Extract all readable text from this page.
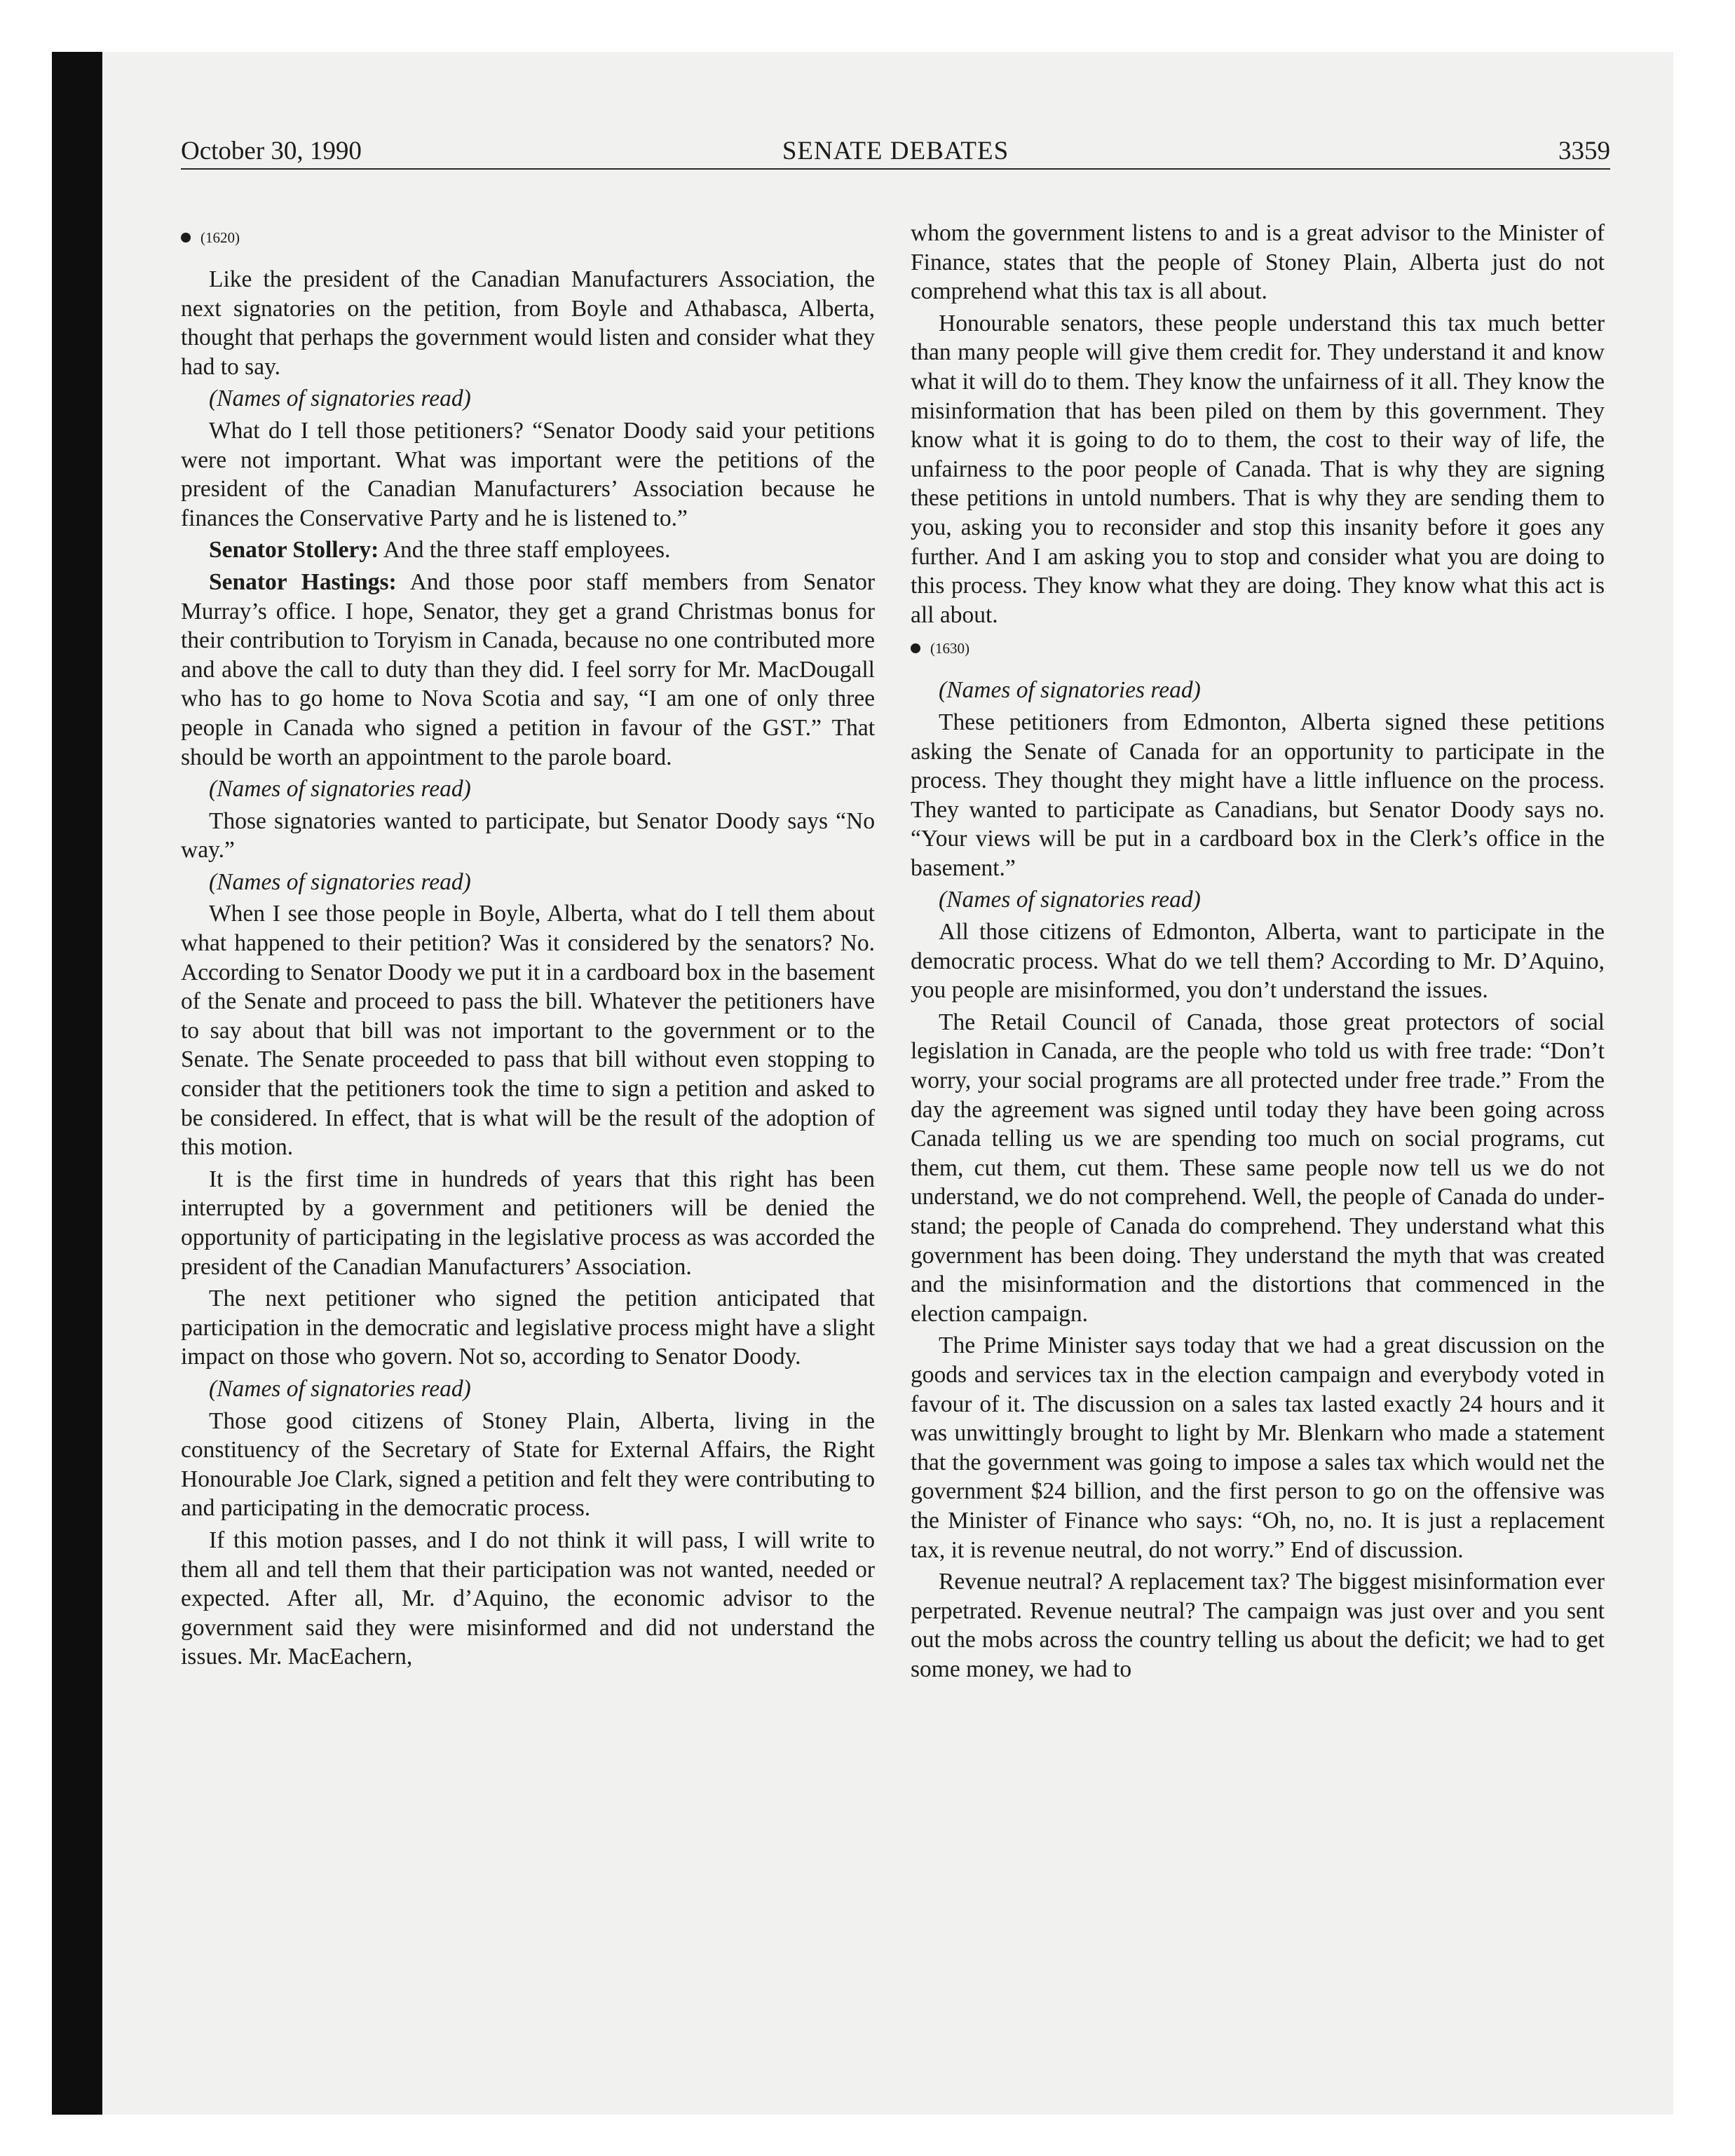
October 30, 1990	SENATE DEBATES	3359
(1620)

Like the president of the Canadian Manufacturers Association, the next signatories on the petition, from Boyle and Athabasca, Alberta, thought that perhaps the government would listen and consider what they had to say.

(Names of signatories read)

What do I tell those petitioners? “Senator Doody said your petitions were not important. What was important were the petitions of the president of the Canadian Manufacturers’ Association because he finances the Conservative Party and he is listened to.”

Senator Stollery: And the three staff employees.

Senator Hastings: And those poor staff members from Senator Murray’s office. I hope, Senator, they get a grand Christmas bonus for their contribution to Toryism in Canada, because no one contributed more and above the call to duty than they did. I feel sorry for Mr. MacDougall who has to go home to Nova Scotia and say, “I am one of only three people in Canada who signed a petition in favour of the GST.” That should be worth an appointment to the parole board.

(Names of signatories read)

Those signatories wanted to participate, but Senator Doody says “No way.”

(Names of signatories read)

When I see those people in Boyle, Alberta, what do I tell them about what happened to their petition? Was it considered by the senators? No. According to Senator Doody we put it in a cardboard box in the basement of the Senate and proceed to pass the bill. Whatever the petitioners have to say about that bill was not important to the government or to the Senate. The Senate proceeded to pass that bill without even stopping to consider that the petitioners took the time to sign a petition and asked to be considered. In effect, that is what will be the result of the adoption of this motion.

It is the first time in hundreds of years that this right has been interrupted by a government and petitioners will be denied the opportunity of participating in the legislative process as was accorded the president of the Canadian Manufacturers’ Association.

The next petitioner who signed the petition anticipated that participation in the democratic and legislative process might have a slight impact on those who govern. Not so, according to Senator Doody.

(Names of signatories read)

Those good citizens of Stoney Plain, Alberta, living in the constituency of the Secretary of State for External Affairs, the Right Honourable Joe Clark, signed a petition and felt they were contributing to and participating in the democratic process.

If this motion passes, and I do not think it will pass, I will write to them all and tell them that their participation was not wanted, needed or expected. After all, Mr. d’Aquino, the economic advisor to the government said they were misinformed and did not understand the issues. Mr. MacEachern,

whom the government listens to and is a great advisor to the Minister of Finance, states that the people of Stoney Plain, Alberta just do not comprehend what this tax is all about.

Honourable senators, these people understand this tax much better than many people will give them credit for. They understand it and know what it will do to them. They know the unfairness of it all. They know the misinformation that has been piled on them by this government. They know what it is going to do to them, the cost to their way of life, the unfairness to the poor people of Canada. That is why they are signing these petitions in untold numbers. That is why they are sending them to you, asking you to reconsider and stop this insanity before it goes any further. And I am asking you to stop and consider what you are doing to this process. They know what they are doing. They know what this act is all about.

(1630)

(Names of signatories read)

These petitioners from Edmonton, Alberta signed these petitions asking the Senate of Canada for an opportunity to participate in the process. They thought they might have a little influence on the process. They wanted to participate as Canadians, but Senator Doody says no. “Your views will be put in a cardboard box in the Clerk’s office in the basement.”

(Names of signatories read)

All those citizens of Edmonton, Alberta, want to participate in the democratic process. What do we tell them? According to Mr. D’Aquino, you people are misinformed, you don’t understand the issues.

The Retail Council of Canada, those great protectors of social legislation in Canada, are the people who told us with free trade: “Don’t worry, your social programs are all protected under free trade.” From the day the agreement was signed until today they have been going across Canada telling us we are spending too much on social programs, cut them, cut them, cut them. These same people now tell us we do not understand, we do not comprehend. Well, the people of Canada do understand; the people of Canada do comprehend. They understand what this government has been doing. They understand the myth that was created and the misinformation and the distortions that commenced in the election campaign.

The Prime Minister says today that we had a great discussion on the goods and services tax in the election campaign and everybody voted in favour of it. The discussion on a sales tax lasted exactly 24 hours and it was unwittingly brought to light by Mr. Blenkarn who made a statement that the government was going to impose a sales tax which would net the government $24 billion, and the first person to go on the offensive was the Minister of Finance who says: “Oh, no, no. It is just a replacement tax, it is revenue neutral, do not worry.” End of discussion.

Revenue neutral? A replacement tax? The biggest misinformation ever perpetrated. Revenue neutral? The campaign was just over and you sent out the mobs across the country telling us about the deficit; we had to get some money, we had to
